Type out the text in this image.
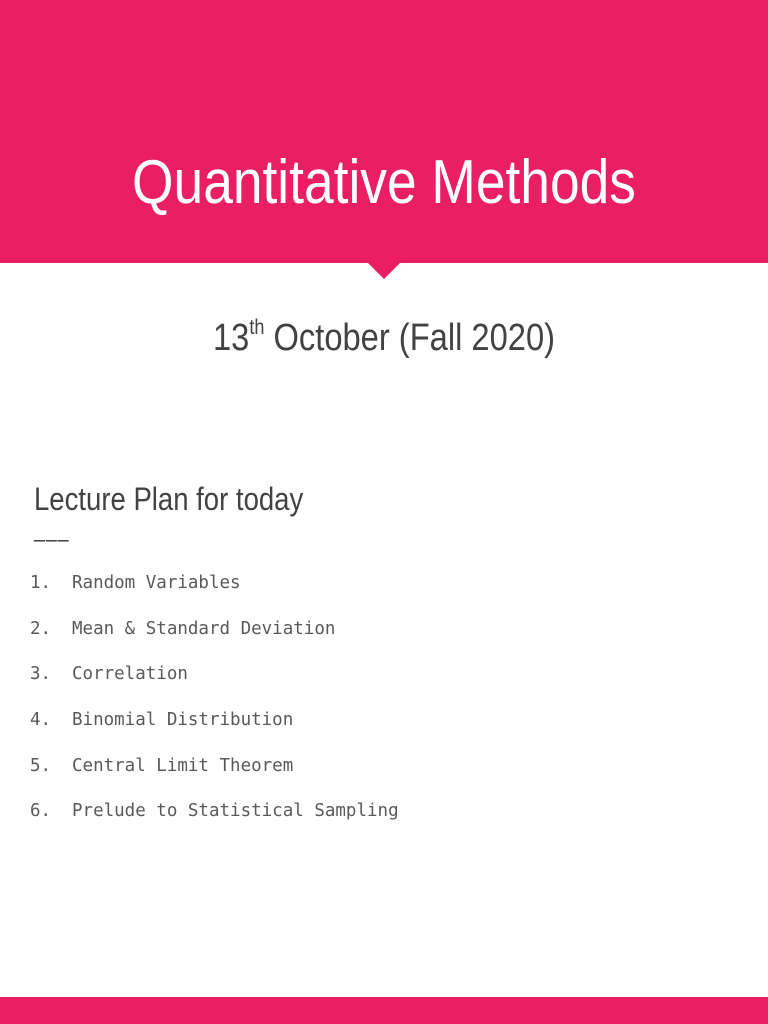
Quantitative Methods
13th October (Fall 2020)
Lecture Plan for today
───
1.	Random Variables
2.	Mean & Standard Deviation
3.	Correlation
4.	Binomial Distribution
5.	Central Limit Theorem
6.	Prelude to Statistical Sampling
